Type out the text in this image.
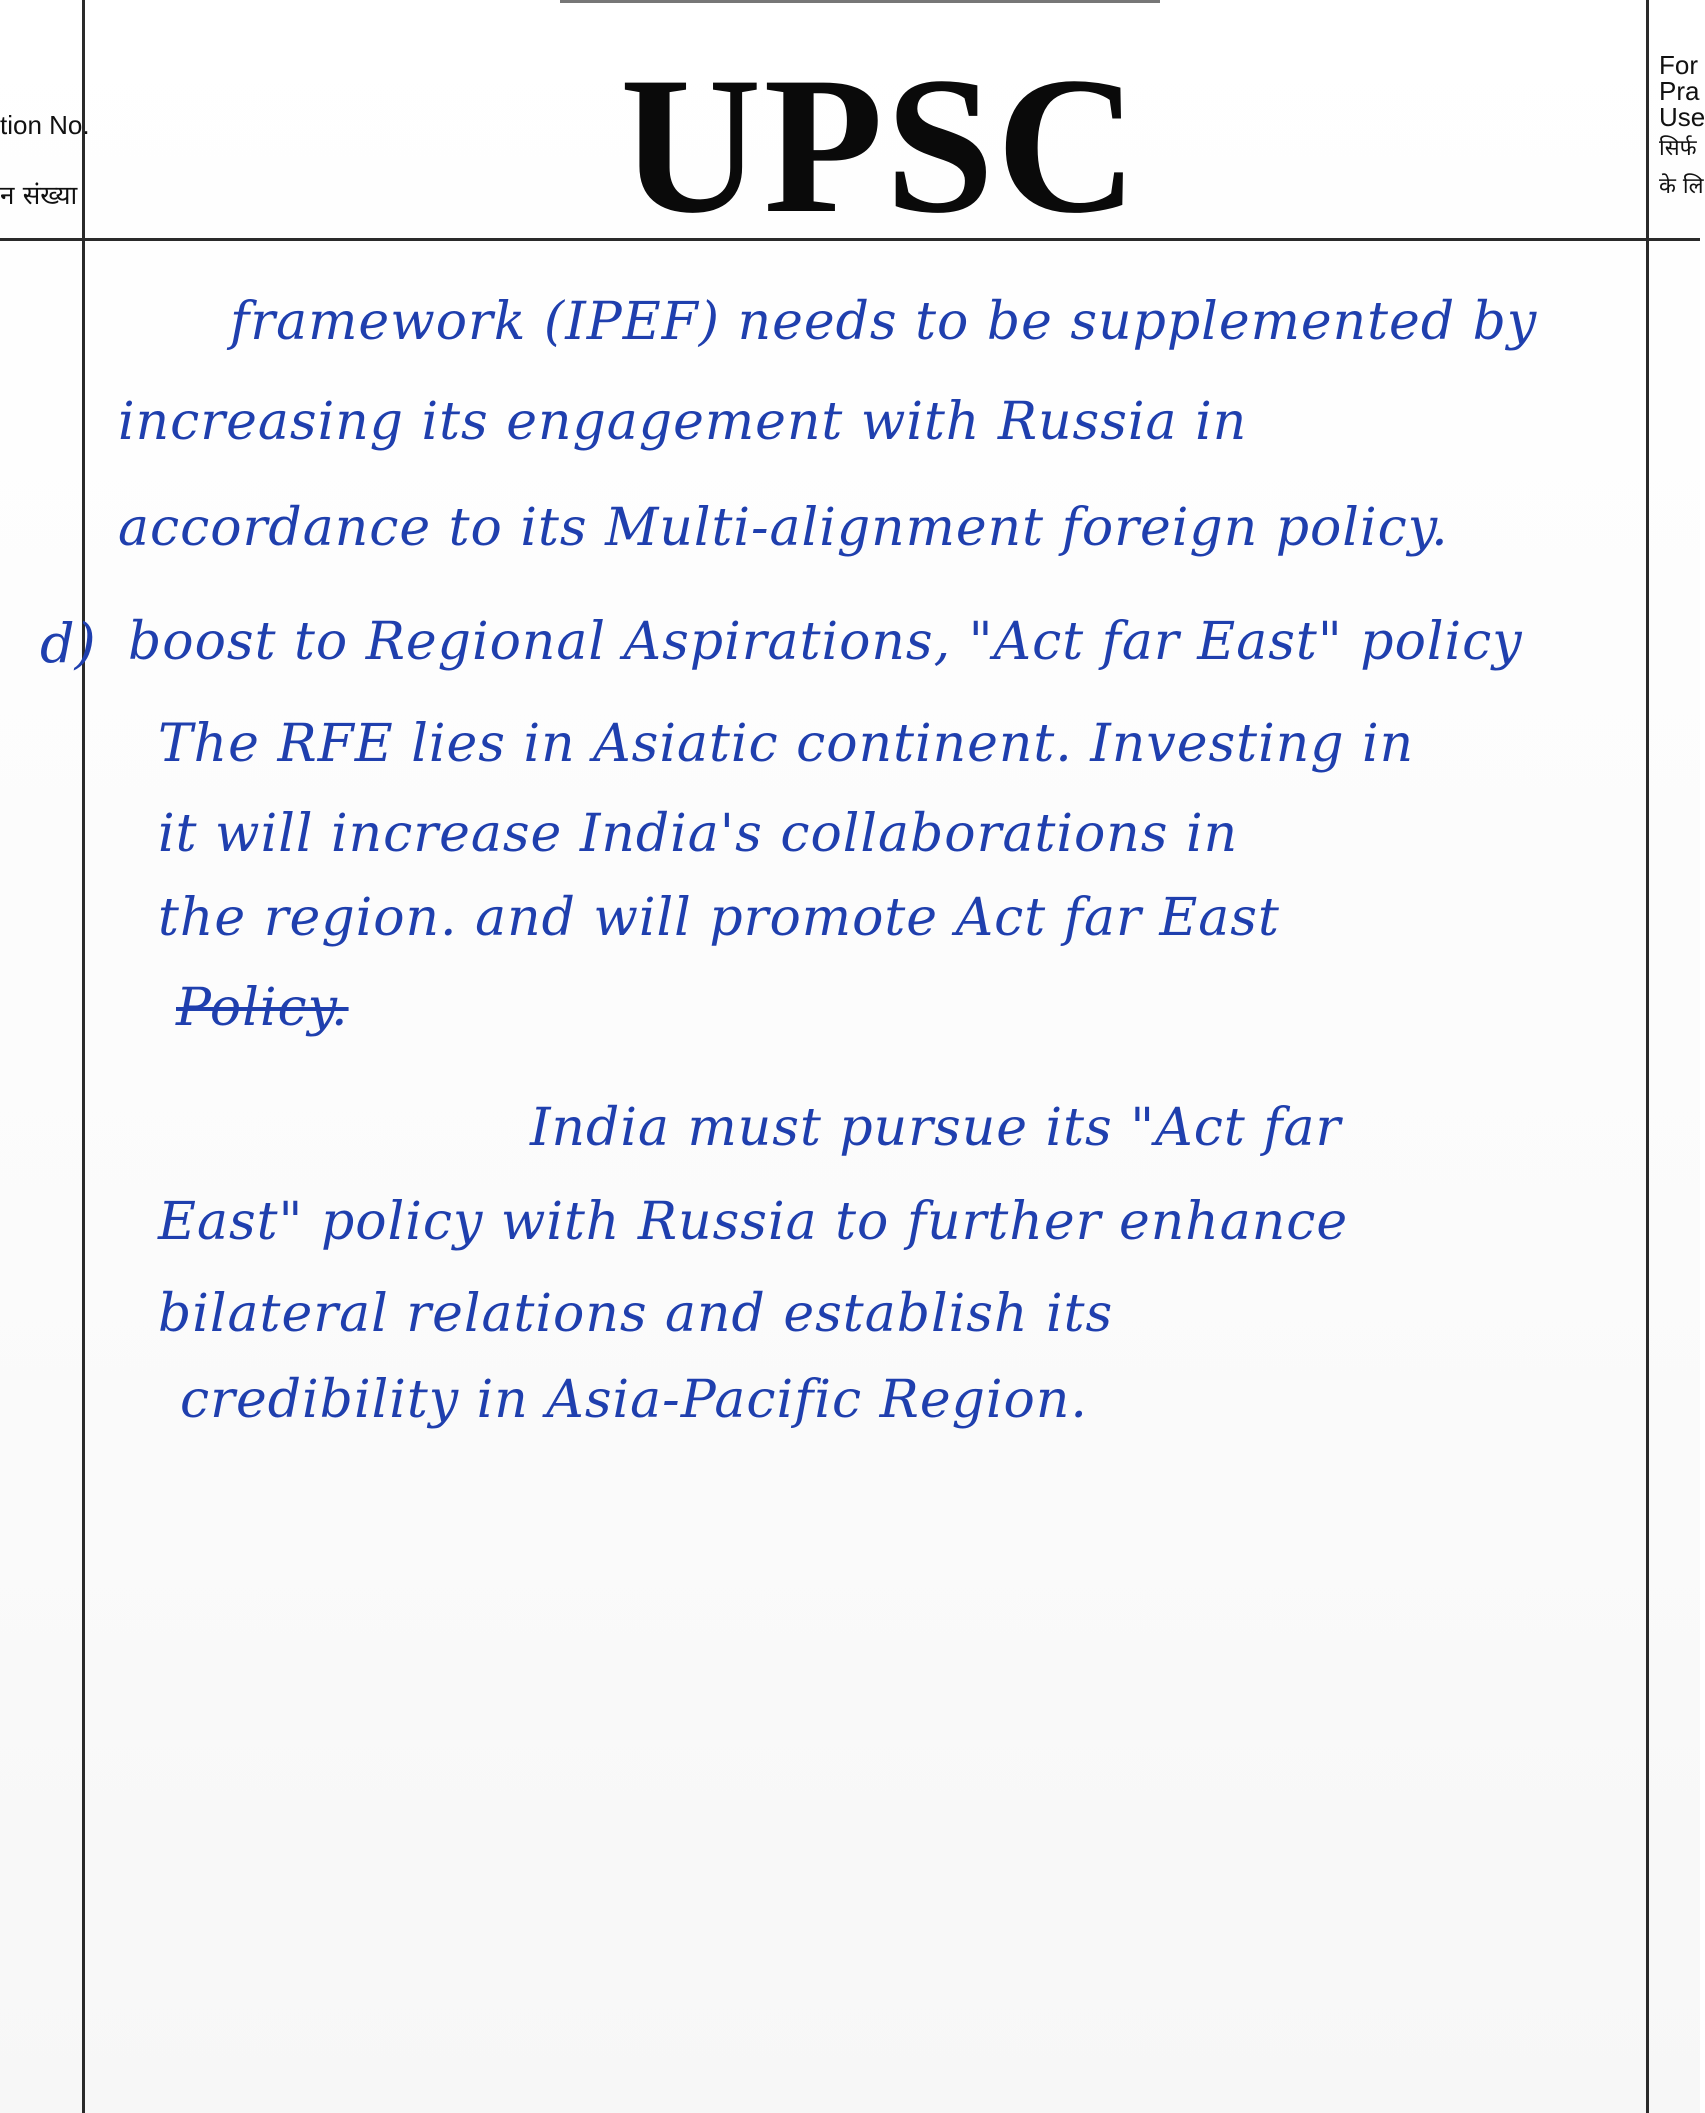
tion No.
न संख्या	UPSC	For
Pra
Use
सिर्फ
के लि
framework (IPEF) needs to be supplemented by
increasing its engagement with Russia in
accordance to its Multi-alignment foreign policy.
d) boost to Regional Aspirations, "Act far East" policy
The RFE lies in Asiatic continent. Investing in
it will increase India's collaborations in
the region. and will promote Act far East
Policy.
India must pursue its "Act far
East" policy with Russia to further enhance
bilateral relations and establish its
credibility in Asia-Pacific Region.
